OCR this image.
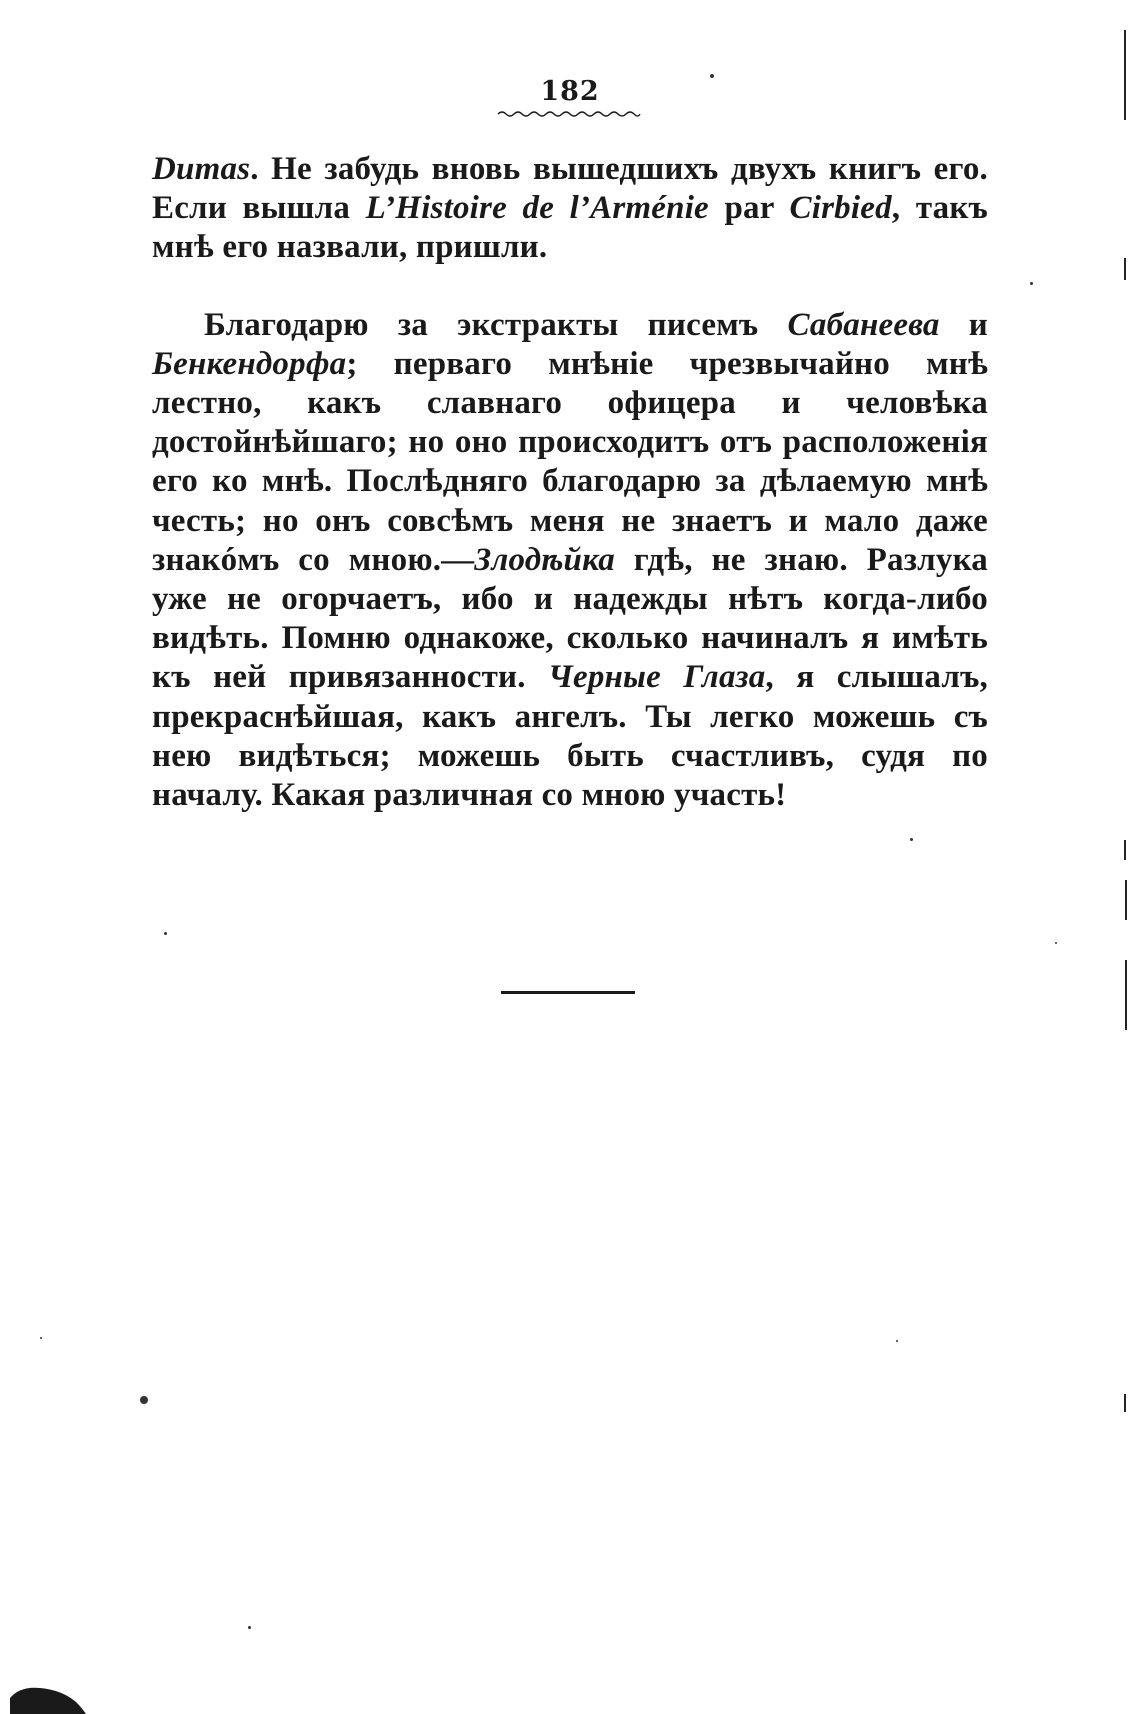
182

Dumas. Не забудь вновь вышедшихъ двухъ книгъ его. Если вышла L’Histoire de l’Arménie par Cirbied, такъ мнѣ его назвали, пришли.

Благодарю за экстракты писемъ Сабанеева и Бенкендорфа; перваго мнѣніе чрезвычайно мнѣ лестно, какъ славнаго офицера и человѣка достойнѣйшаго; но оно происходитъ отъ расположенія его ко мнѣ. Послѣдняго благодарю за дѣлаемую мнѣ честь; но онъ совсѣмъ меня не знаетъ и мало даже знакóмъ со мною.—Злодѣйка гдѣ, не знаю. Разлука уже не огорчаетъ, ибо и надежды нѣтъ когда-либо видѣть. Помню однакоже, сколько начиналъ я имѣть къ ней привязанности. Черные Глаза, я слышалъ, прекраснѣйшая, какъ ангелъ. Ты легко можешь съ нею видѣться; можешь быть счастливъ, судя по началу. Какая различная со мною участь!
